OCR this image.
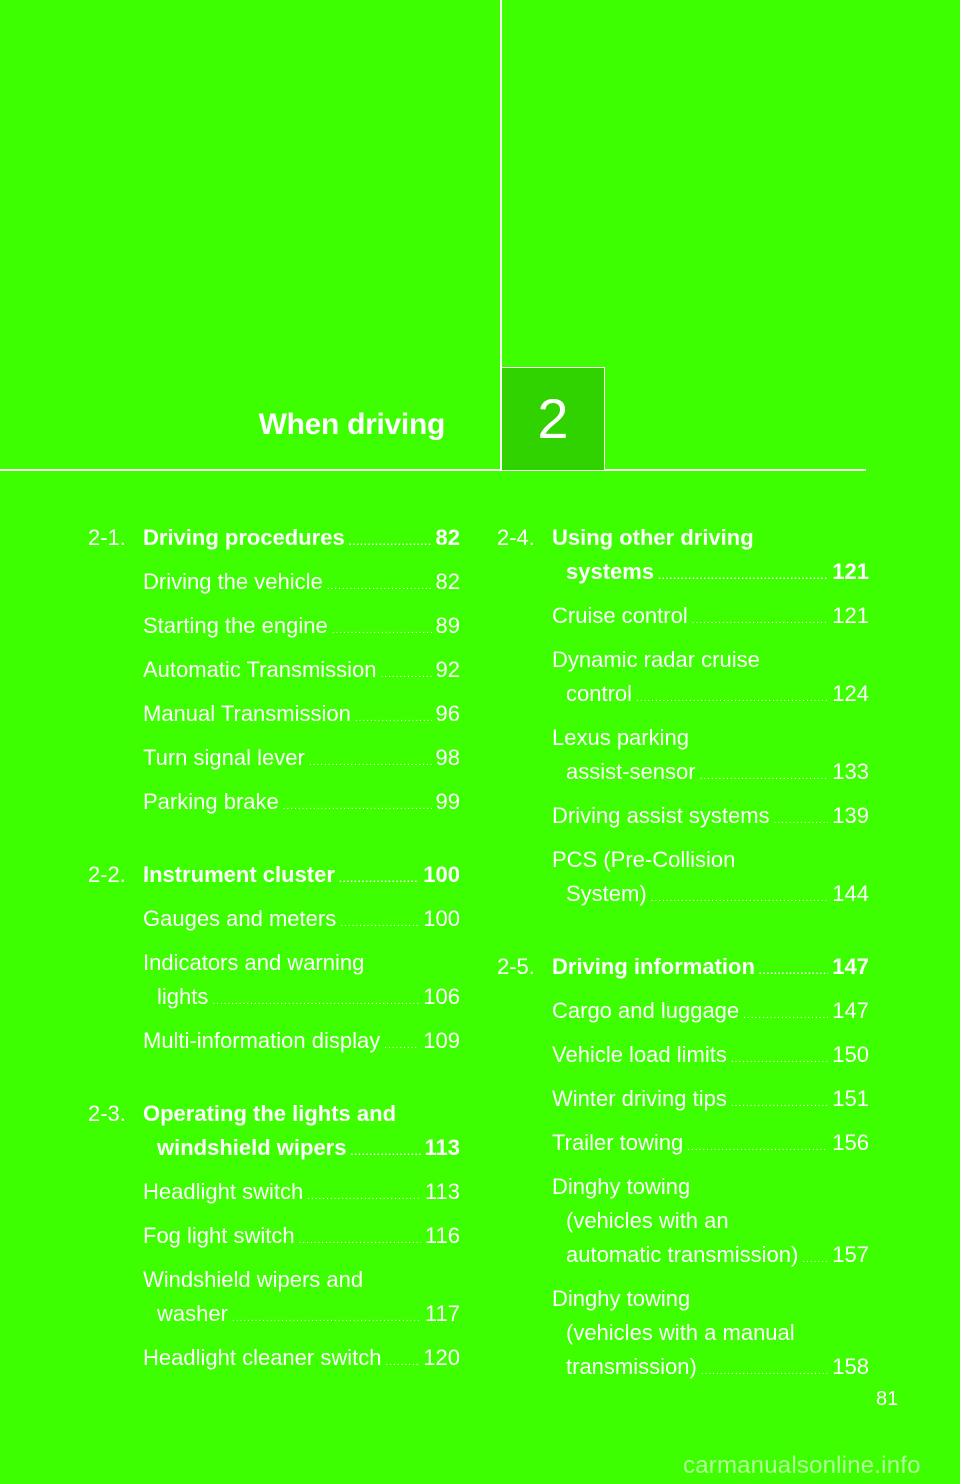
When driving 2
2-1. Driving procedures .....	82
Driving the vehicle .....	82
Starting the engine .....	89
Automatic Transmission .....	92
Manual Transmission .....	96
Turn signal lever .....	98
Parking brake .....	99
2-2. Instrument cluster .....	100
Gauges and meters .....	100
Indicators and warning
lights .....	106
Multi-information display ..... 109
2-3. Operating the lights and
windshield wipers .....	113
Headlight switch .....	113
Fog light switch .....	116
Windshield wipers and
washer .....	117
Headlight cleaner switch ..... 120
2-4. Using other driving
systems .....	121
Cruise control .....	121
Dynamic radar cruise
control .....	124
Lexus parking
assist-sensor .....	133
Driving assist systems .....	139
PCS (Pre-Collision
System) .....	144
2-5. Driving information .....	147
Cargo and luggage .....	147
Vehicle load limits .....	150
Winter driving tips .....	151
Trailer towing .....	156
Dinghy towing
(vehicles with an
automatic transmission) ..... 157
Dinghy towing
(vehicles with a manual
transmission) .....	158
81
carmanualsonline.info
